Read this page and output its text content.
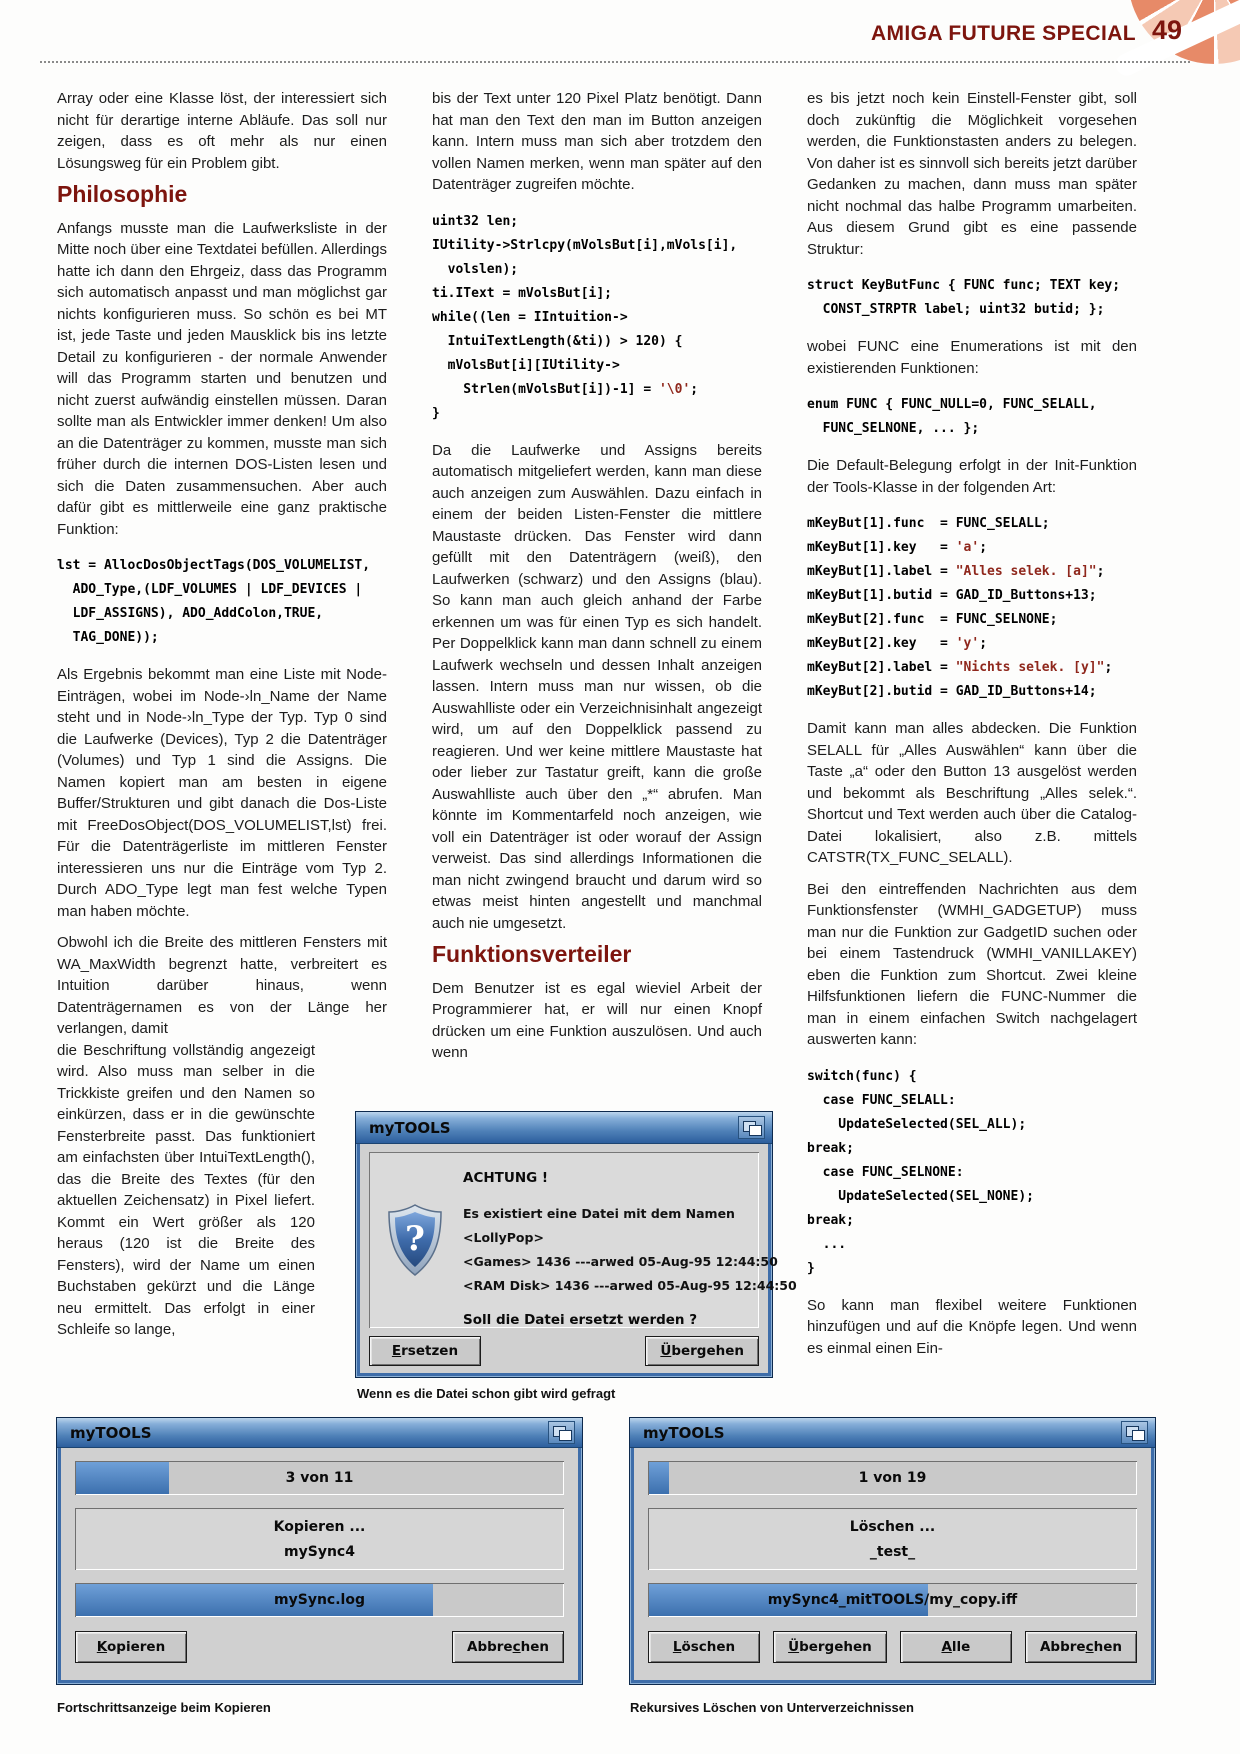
AMIGA FUTURE SPECIAL 49

Array oder eine Klasse löst, der interessiert sich nicht für derartige interne Abläufe. Das soll nur zeigen, dass es oft mehr als nur einen Lösungsweg für ein Problem gibt.

Philosophie

Anfangs musste man die Laufwerksliste in der Mitte noch über eine Textdatei befüllen. Allerdings hatte ich dann den Ehrgeiz, dass das Programm sich automatisch anpasst und man möglichst gar nichts konfigurieren muss. So schön es bei MT ist, jede Taste und jeden Mausklick bis ins letzte Detail zu konfigurieren - der normale Anwender will das Programm starten und benutzen und nicht zuerst aufwändig einstellen müssen. Daran sollte man als Entwickler immer denken! Um also an die Datenträger zu kommen, musste man sich früher durch die internen DOS-Listen lesen und sich die Daten zusammensuchen. Aber auch dafür gibt es mittlerweile eine ganz praktische Funktion:

lst = AllocDosObjectTags(DOS_VOLUMELIST,
ADO_Type,(LDF_VOLUMES | LDF_DEVICES |
LDF_ASSIGNS), ADO_AddColon,TRUE,
TAG_DONE));

Als Ergebnis bekommt man eine Liste mit Node-Einträgen, wobei im Node-›ln_Name der Name steht und in Node-›ln_Type der Typ. Typ 0 sind die Laufwerke (Devices), Typ 2 die Datenträger (Volumes) und Typ 1 sind die Assigns. Die Namen kopiert man am besten in eigene Buffer/Strukturen und gibt danach die Dos-Liste mit FreeDosObject(DOS_VOLUMELIST,lst) frei. Für die Datenträgerliste im mittleren Fenster interessieren uns nur die Einträge vom Typ 2. Durch ADO_Type legt man fest welche Typen man haben möchte.

Obwohl ich die Breite des mittleren Fensters mit WA_MaxWidth begrenzt hatte, verbreitert es Intuition darüber hinaus, wenn Datenträgernamen es von der Länge her verlangen, damit

die Beschriftung vollständig angezeigt wird. Also muss man selber in die Trickkiste greifen und den Namen so einkürzen, dass er in die gewünschte Fensterbreite passt. Das funktioniert am einfachsten über IntuiTextLength(), das die Breite des Textes (für den aktuellen Zeichensatz) in Pixel liefert. Kommt ein Wert größer als 120 heraus (120 ist die Breite des Fensters), wird der Name um einen Buchstaben gekürzt und die Länge neu ermittelt. Das erfolgt in einer Schleife so lange,

bis der Text unter 120 Pixel Platz benötigt. Dann hat man den Text den man im Button anzeigen kann. Intern muss man sich aber trotzdem den vollen Namen merken, wenn man später auf den Datenträger zugreifen möchte.

uint32 len;
IUtility->Strlcpy(mVolsBut[i],mVols[i],
volslen);
ti.IText = mVolsBut[i];
while((len = IIntuition->
IntuiTextLength(&ti)) > 120) {
mVolsBut[i][IUtility->
Strlen(mVolsBut[i])-1] = '\0';
}

Da die Laufwerke und Assigns bereits automatisch mitgeliefert werden, kann man diese auch anzeigen zum Auswählen. Dazu einfach in einem der beiden Listen-Fenster die mittlere Maustaste drücken. Das Fenster wird dann gefüllt mit den Datenträgern (weiß), den Laufwerken (schwarz) und den Assigns (blau). So kann man auch gleich anhand der Farbe erkennen um was für einen Typ es sich handelt. Per Doppelklick kann man dann schnell zu einem Laufwerk wechseln und dessen Inhalt anzeigen lassen. Intern muss man nur wissen, ob die Auswahlliste oder ein Verzeichnisinhalt angezeigt wird, um auf den Doppelklick passend zu reagieren. Und wer keine mittlere Maustaste hat oder lieber zur Tastatur greift, kann die große Auswahlliste auch über den „*“ abrufen. Man könnte im Kommentarfeld noch anzeigen, wie voll ein Datenträger ist oder worauf der Assign verweist. Das sind allerdings Informationen die man nicht zwingend braucht und darum wird so etwas meist hinten angestellt und manchmal auch nie umgesetzt.

Funktionsverteiler

Dem Benutzer ist es egal wieviel Arbeit der Programmierer hat, er will nur einen Knopf drücken um eine Funktion auszulösen. Und auch wenn

es bis jetzt noch kein Einstell-Fenster gibt, soll doch zukünftig die Möglichkeit vorgesehen werden, die Funktionstasten anders zu belegen. Von daher ist es sinnvoll sich bereits jetzt darüber Gedanken zu machen, dann muss man später nicht nochmal das halbe Programm umarbeiten. Aus diesem Grund gibt es eine passende Struktur:

struct KeyButFunc { FUNC func; TEXT key;
CONST_STRPTR label; uint32 butid; };

wobei FUNC eine Enumerations ist mit den existierenden Funktionen:

enum FUNC { FUNC_NULL=0, FUNC_SELALL,
FUNC_SELNONE, ... };

Die Default-Belegung erfolgt in der Init-Funktion der Tools-Klasse in der folgenden Art:

mKeyBut[1].func  = FUNC_SELALL;
mKeyBut[1].key   = 'a';
mKeyBut[1].label = "Alles selek. [a]";
mKeyBut[1].butid = GAD_ID_Buttons+13;
mKeyBut[2].func  = FUNC_SELNONE;
mKeyBut[2].key   = 'y';
mKeyBut[2].label = "Nichts selek. [y]";
mKeyBut[2].butid = GAD_ID_Buttons+14;

Damit kann man alles abdecken. Die Funktion SELALL für „Alles Auswählen“ kann über die Taste „a“ oder den Button 13 ausgelöst werden und bekommt als Beschriftung „Alles selek.“. Shortcut und Text werden auch über die Catalog-Datei lokalisiert, also z.B. mittels CATSTR(TX_FUNC_SELALL).

Bei den eintreffenden Nachrichten aus dem Funktionsfenster (WMHI_GADGETUP) muss man nur die Funktion zur GadgetID suchen oder bei einem Tastendruck (WMHI_VANILLAKEY) eben die Funktion zum Shortcut. Zwei kleine Hilfsfunktionen liefern die FUNC-Nummer die man in einem einfachen Switch nachgelagert auswerten kann:

switch(func) {
case FUNC_SELALL:
UpdateSelected(SEL_ALL);
break;
case FUNC_SELNONE:
UpdateSelected(SEL_NONE);
break;
...
}

So kann man flexibel weitere Funktionen hinzufügen und auf die Knöpfe legen. Und wenn es einmal einen Ein-

myTOOLS
?
ACHTUNG !
Es existiert eine Datei mit dem Namen
<LollyPop>
<Games> 1436 ---arwed 05-Aug-95 12:44:50
<RAM Disk> 1436 ---arwed 05-Aug-95 12:44:50
Soll die Datei ersetzt werden ?
Ersetzen	Übergehen
Wenn es die Datei schon gibt wird gefragt
myTOOLS
3 von 11
Kopieren ...
mySync4
mySync.log
Kopieren	Abbrechen
Fortschrittsanzeige beim Kopieren
myTOOLS
1 von 19
Löschen ...
_test_
mySync4_mitTOOLS/my_copy.iff
Löschen	Übergehen	Alle	Abbrechen
Rekursives Löschen von Unterverzeichnissen
